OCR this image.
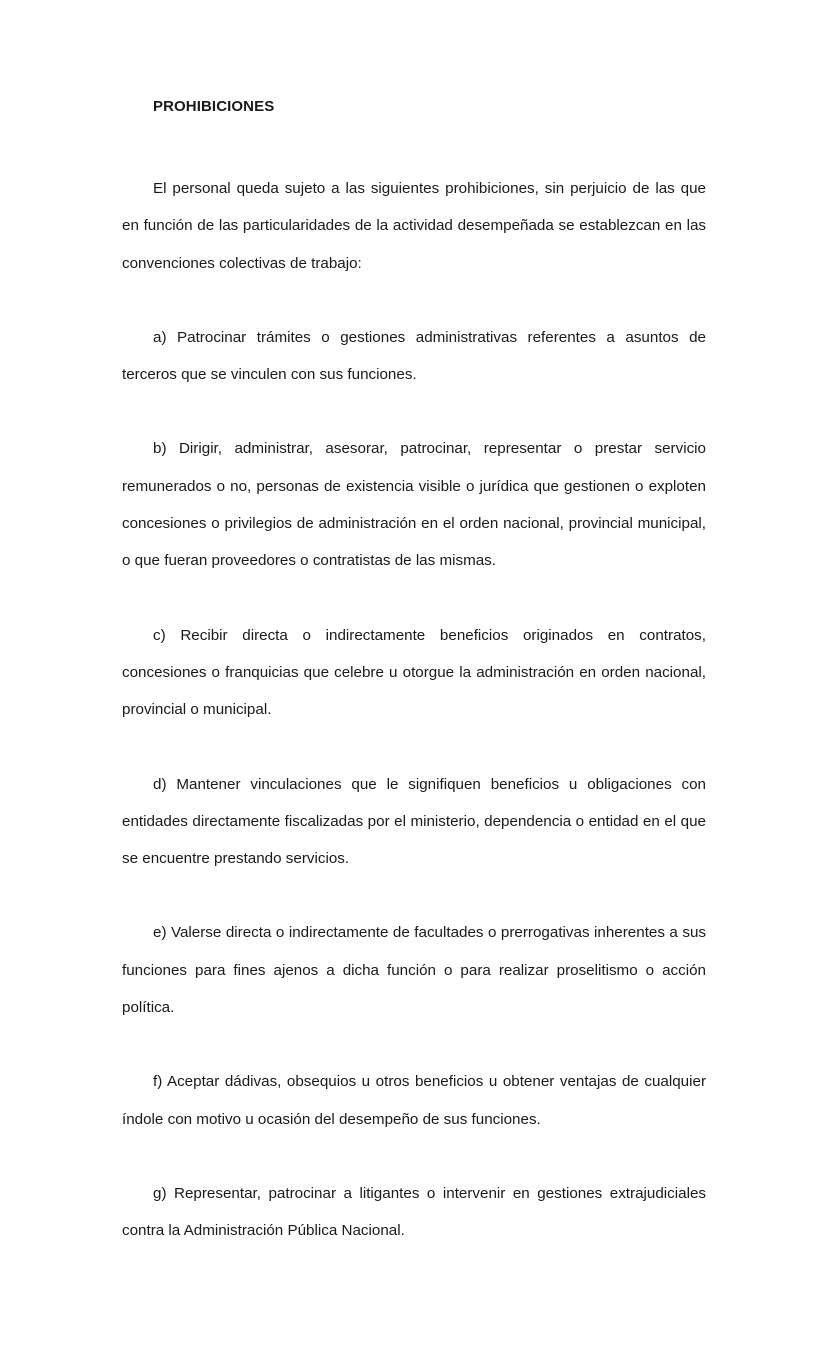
PROHIBICIONES

El personal queda sujeto a las siguientes prohibiciones, sin perjuicio de las que en función de las particularidades de la actividad desempeñada se establezcan en las convenciones colectivas de trabajo:

a) Patrocinar trámites o gestiones administrativas referentes a asuntos de terceros que se vinculen con sus funciones.

b) Dirigir, administrar, asesorar, patrocinar, representar o prestar servicio remunerados o no, personas de existencia visible o jurídica que gestionen o exploten concesiones o privilegios de administración en el orden nacional, provincial municipal, o que fueran proveedores o contratistas de las mismas.

c) Recibir directa o indirectamente beneficios originados en contratos, concesiones o franquicias que celebre u otorgue la administración en orden nacional, provincial o municipal.

d) Mantener vinculaciones que le signifiquen beneficios u obligaciones con entidades directamente fiscalizadas por el ministerio, dependencia o entidad en el que se encuentre prestando servicios.

e) Valerse directa o indirectamente de facultades o prerrogativas inherentes a sus funciones para fines ajenos a dicha función o para realizar proselitismo o acción política.

f) Aceptar dádivas, obsequios u otros beneficios u obtener ventajas de cualquier índole con motivo u ocasión del desempeño de sus funciones.

g) Representar, patrocinar a litigantes o intervenir en gestiones extrajudiciales contra la Administración Pública Nacional.
